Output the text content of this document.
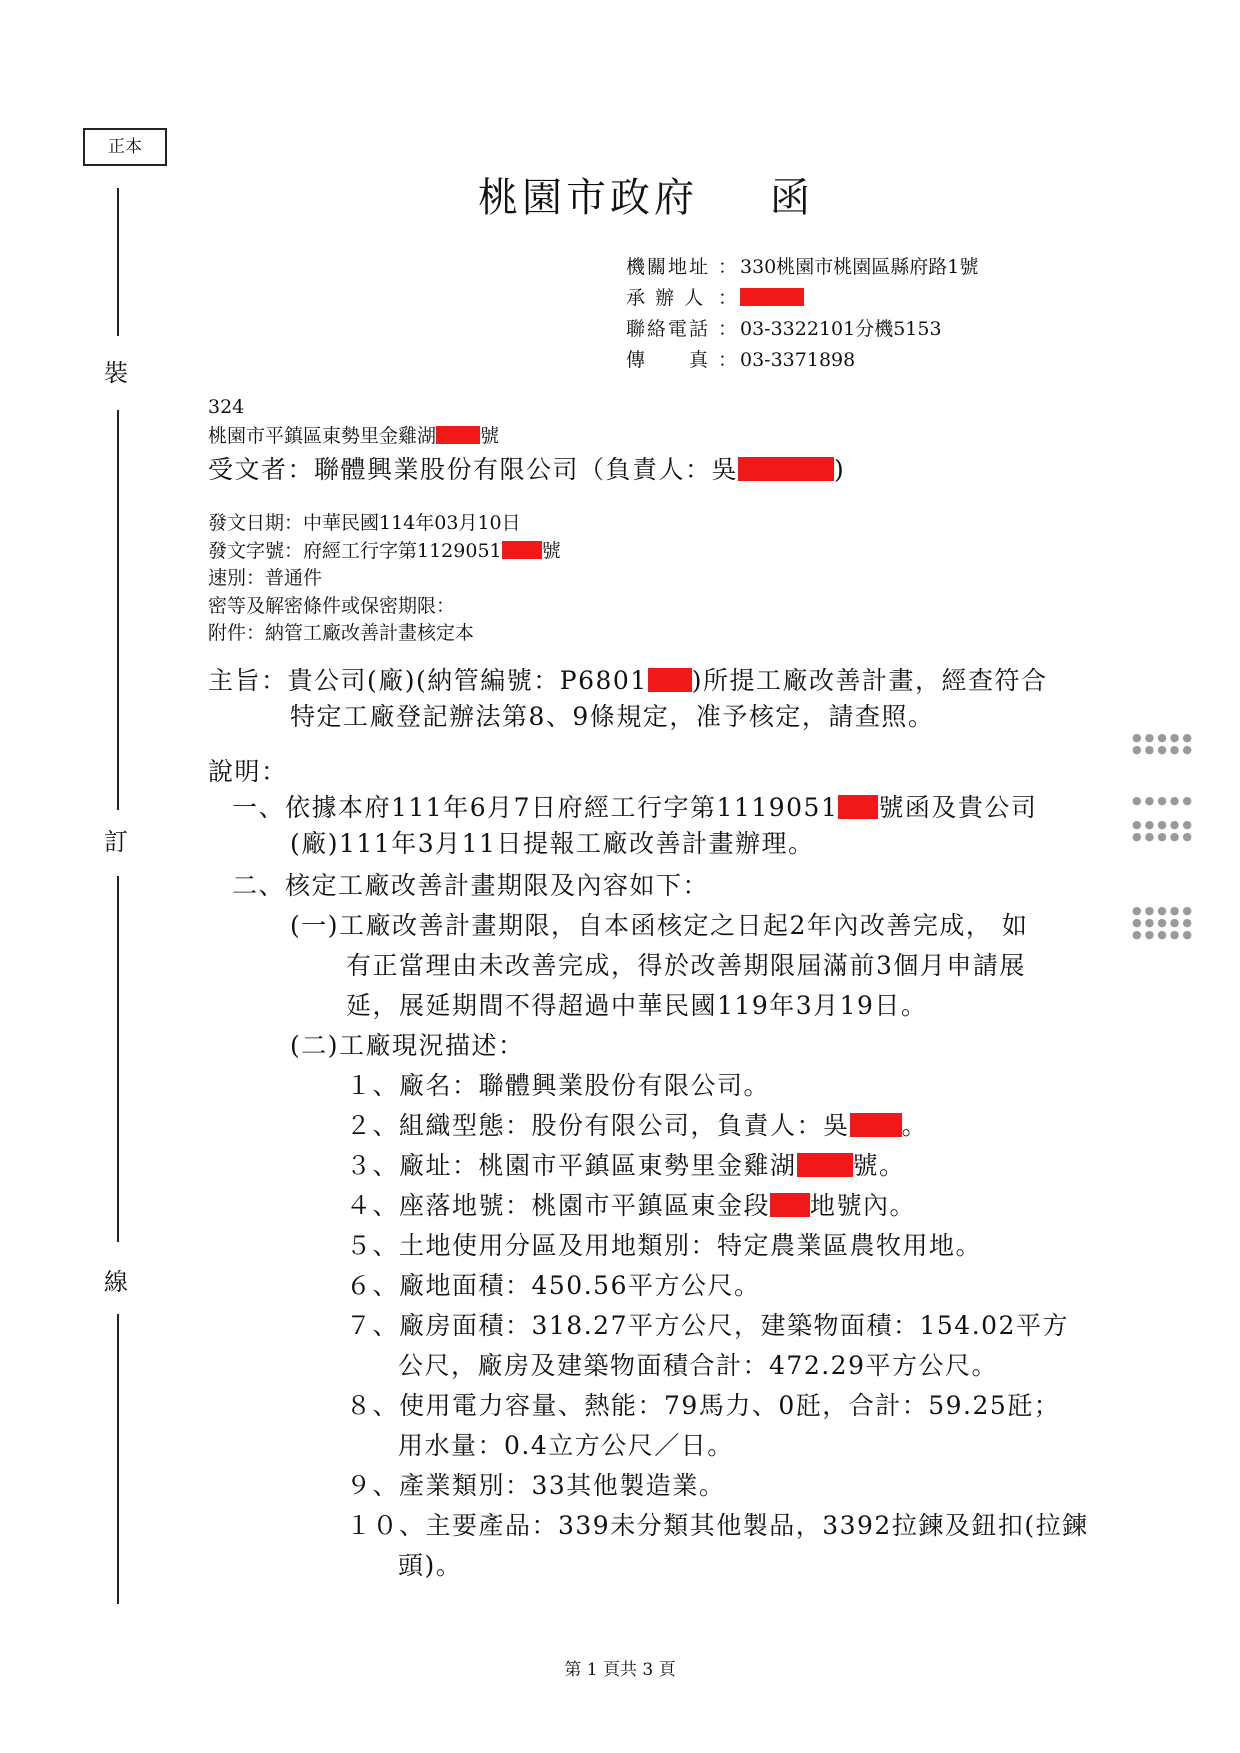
正本
裝
訂
線
●●●●●
●●●●●
●●●●●

●●●●●
●●●●●
●●●●●
●●●●●
●●●●●
桃園市政府 函
機關地址 ： 330桃園市桃園區縣府路1號
承 辦 人 ：
聯絡電話 ： 03-3322101分機5153
傳　　真 ： 03-3371898
324
桃園市平鎮區東勢里金雞湖 號
受文者：聯體興業股份有限公司（負責人：吳	)
發文日期：中華民國114年03月10日
發文字號：府經工行字第1129051 號
速別：普通件
密等及解密條件或保密期限：
附件：納管工廠改善計畫核定本
主旨：貴公司(廠)(納管編號：P6801 )所提工廠改善計畫，經查符合
特定工廠登記辦法第8、9條規定，准予核定，請查照。
說明：
一、依據本府111年6月7日府經工行字第1119051 號函及貴公司
(廠)111年3月11日提報工廠改善計畫辦理。
二、核定工廠改善計畫期限及內容如下：
(一)工廠改善計畫期限，自本函核定之日起2年內改善完成， 如
有正當理由未改善完成，得於改善期限屆滿前3個月申請展
延，展延期間不得超過中華民國119年3月19日。
(二)工廠現況描述：
１、廠名：聯體興業股份有限公司。
２、組織型態：股份有限公司，負責人：吳 。
３、廠址：桃園市平鎮區東勢里金雞湖 號。
４、座落地號：桃園市平鎮區東金段 地號內。
５、土地使用分區及用地類別：特定農業區農牧用地。
６、廠地面積：450.56平方公尺。
７、廠房面積：318.27平方公尺，建築物面積：154.02平方
公尺，廠房及建築物面積合計：472.29平方公尺。
８、使用電力容量、熱能：79馬力、0瓩，合計：59.25瓩；
用水量：0.4立方公尺／日。
９、產業類別：33其他製造業。
１０、主要產品：339未分類其他製品，3392拉鍊及鈕扣(拉鍊
頭)。
第 1 頁共 3 頁
